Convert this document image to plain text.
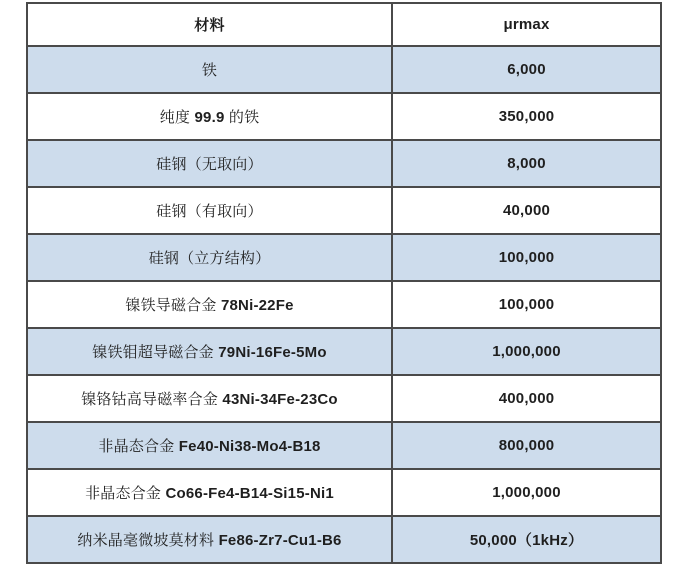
材料	μrmax
铁	6,000
纯度 99.9 的铁	350,000
硅钢（无取向）	8,000
硅钢（有取向）	40,000
硅钢（立方结构）	100,000
镍铁导磁合金 78Ni-22Fe	100,000
镍铁钼超导磁合金 79Ni-16Fe-5Mo	1,000,000
镍铬钴高导磁率合金 43Ni-34Fe-23Co	400,000
非晶态合金 Fe40-Ni38-Mo4-B18	800,000
非晶态合金 Co66-Fe4-B14-Si15-Ni1	1,000,000
纳米晶毫微坡莫材料 Fe86-Zr7-Cu1-B6	50,000（1kHz）
